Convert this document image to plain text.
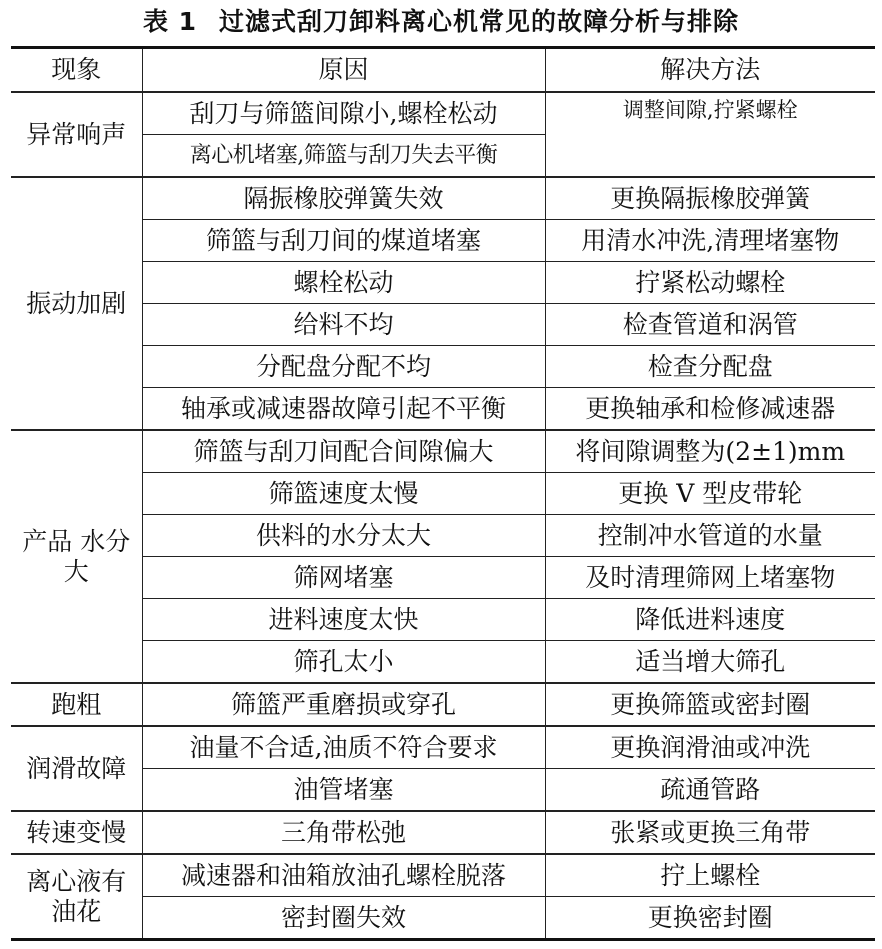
表 1 过滤式刮刀卸料离心机常见的故障分析与排除
现象	原因	解决方法
异常响声	刮刀与筛篮间隙小,螺栓松动	调整间隙,拧紧螺栓
	离心机堵塞,筛篮与刮刀失去平衡	
振动加剧	隔振橡胶弹簧失效	更换隔振橡胶弹簧
	筛篮与刮刀间的煤道堵塞	用清水冲洗,清理堵塞物
	螺栓松动	拧紧松动螺栓
	给料不均	检查管道和涡管
	分配盘分配不均	检查分配盘
	轴承或减速器故障引起不平衡	更换轴承和检修减速器
产品 水分大	筛篮与刮刀间配合间隙偏大	将间隙调整为(2±1)mm
	筛篮速度太慢	更换 V 型皮带轮
	供料的水分太大	控制冲水管道的水量
	筛网堵塞	及时清理筛网上堵塞物
	进料速度太快	降低进料速度
	筛孔太小	适当增大筛孔
跑粗	筛篮严重磨损或穿孔	更换筛篮或密封圈
润滑故障	油量不合适,油质不符合要求	更换润滑油或冲洗
	油管堵塞	疏通管路
转速变慢	三角带松弛	张紧或更换三角带
离心液有 油花	减速器和油箱放油孔螺栓脱落	拧上螺栓
	密封圈失效	更换密封圈
